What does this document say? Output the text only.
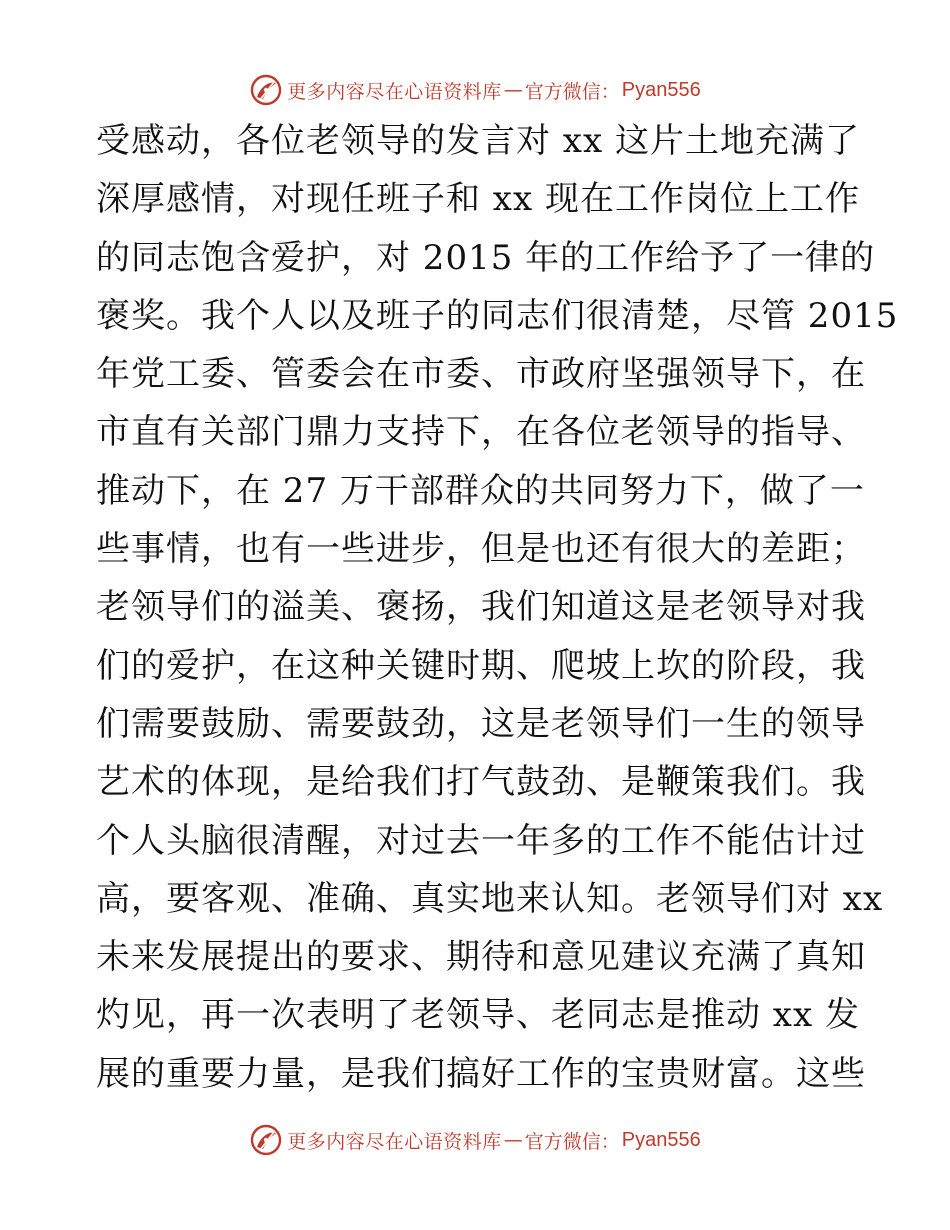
更多内容尽在心语资料库 — 官方微信： Pyan556
受感动，各位老领导的发言对 xx 这片土地充满了
深厚感情，对现任班子和 xx 现在工作岗位上工作
的同志饱含爱护，对 2015 年的工作给予了一律的
褒奖。我个人以及班子的同志们很清楚，尽管 2015
年党工委、管委会在市委、市政府坚强领导下，在
市直有关部门鼎力支持下，在各位老领导的指导、
推动下，在 27 万干部群众的共同努力下，做了一
些事情，也有一些进步，但是也还有很大的差距；
老领导们的溢美、褒扬，我们知道这是老领导对我
们的爱护，在这种关键时期、爬坡上坎的阶段，我
们需要鼓励、需要鼓劲，这是老领导们一生的领导
艺术的体现，是给我们打气鼓劲、是鞭策我们。我
个人头脑很清醒，对过去一年多的工作不能估计过
高，要客观、准确、真实地来认知。老领导们对 xx
未来发展提出的要求、期待和意见建议充满了真知
灼见，再一次表明了老领导、老同志是推动 xx 发
展的重要力量，是我们搞好工作的宝贵财富。这些
更多内容尽在心语资料库 — 官方微信： Pyan556
